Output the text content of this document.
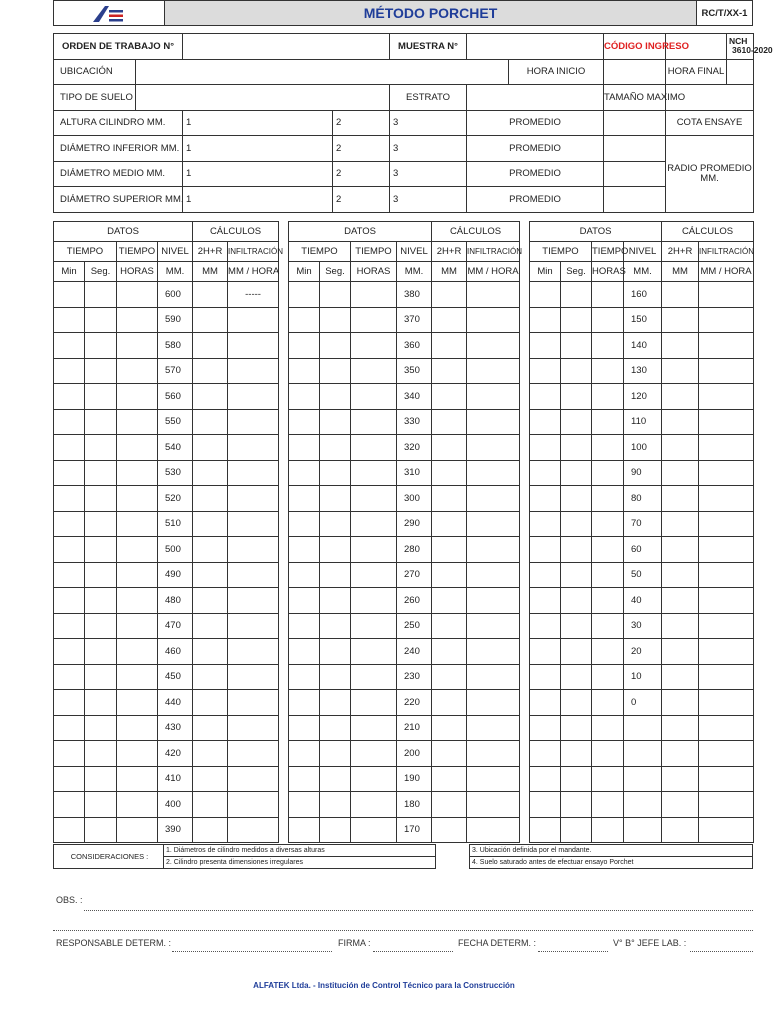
	MÉTODO PORCHET	RC/T/XX-1
ORDEN DE TRABAJO N°				MUESTRA N°			CÓDIGO INGRESO		NCH
3610-2020
UBICACIÓN						HORA INICIO		HORA FINAL	
TIPO DE SUELO				ESTRATO			TAMAÑO MAXIMO		
ALTURA CILINDRO MM.		1	2	3	PROMEDIO			COTA ENSAYE	
DIÁMETRO INFERIOR MM.		1	2	3	PROMEDIO			RADIO PROMEDIO MM.	
DIÁMETRO MEDIO MM.		1	2	3	PROMEDIO				
DIÁMETRO SUPERIOR MM.		1	2	3	PROMEDIO				
DATOS				CÁLCULOS	
TIEMPO		TIEMPO	NIVEL	2H+R	INFILTRACIÓN
Min	Seg.	HORAS	MM.	MM	MM / HORA
			600		-----
			590		
			580		
			570		
			560		
			550		
			540		
			530		
			520		
			510		
			500		
			490		
			480		
			470		
			460		
			450		
			440		
			430		
			420		
			410		
			400		
			390		
DATOS				CÁLCULOS	
TIEMPO		TIEMPO	NIVEL	2H+R	INFILTRACIÓN
Min	Seg.	HORAS	MM.	MM	MM / HORA
			380		
			370		
			360		
			350		
			340		
			330		
			320		
			310		
			300		
			290		
			280		
			270		
			260		
			250		
			240		
			230		
			220		
			210		
			200		
			190		
			180		
			170		
DATOS				CÁLCULOS	
TIEMPO		TIEMPO	NIVEL	2H+R	INFILTRACIÓN
Min	Seg.	HORAS	MM.	MM	MM / HORA
			160		
			150		
			140		
			130		
			120		
			110		
			100		
			90		
			80		
			70		
			60		
			50		
			40		
			30		
			20		
			10		
			0		

CONSIDERACIONES :	1. Diámetros de cilindro medidos a diversas alturas
2. Cilindro presenta dimensiones irregulares
3. Ubicación definida por el mandante.
4. Suelo saturado antes de efectuar ensayo Porchet
OBS. :
RESPONSABLE DETERM. :	FIRMA :	FECHA DETERM. :	V° B° JEFE LAB. :
ALFATEK Ltda. - Institución de Control Técnico para la Construcción
